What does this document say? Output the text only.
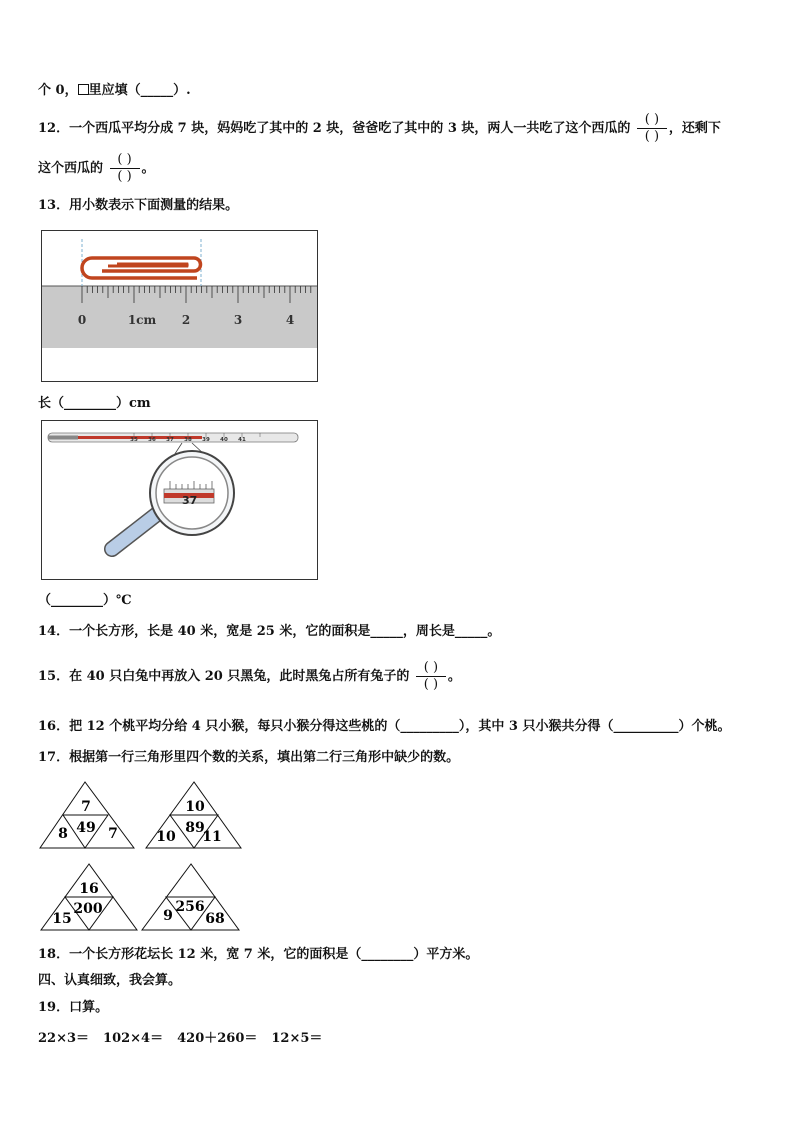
个 0， 里应填（_____）.
12．一个西瓜平均分成 7 块，妈妈吃了其中的 2 块，爸爸吃了其中的 3 块，两人一共吃了这个西瓜的 $\frac{( )}{( )}$ ，还剩下
这个西瓜的 $\frac{( )}{( )}$ 。
13．用小数表示下面测量的结果。
0	1cm 2	3	4
长（________）cm
35 36 37 38 39 40 41
37
（________）℃
14．一个长方形，长是 40 米，宽是 25 米，它的面积是_____，周长是_____。
15．在 40 只白兔中再放入 20 只黑兔，此时黑兔占所有兔子的 $\frac{( )}{( )}$ 。
16．把 12 个桃平均分给 4 只小猴，每只小猴分得这些桃的（_________），其中 3 只小猴共分得（__________）个桃。
17．根据第一行三角形里四个数的关系，填出第二行三角形中缺少的数。
7
49
8	7
10
89
10 11
16
200
15
256
9 68
18．一个长方形花坛长 12 米，宽 7 米，它的面积是（________）平方米。
四、认真细致，我会算。
19．口算。
22×3＝ 102×4＝ 420＋260＝ 12×5＝
